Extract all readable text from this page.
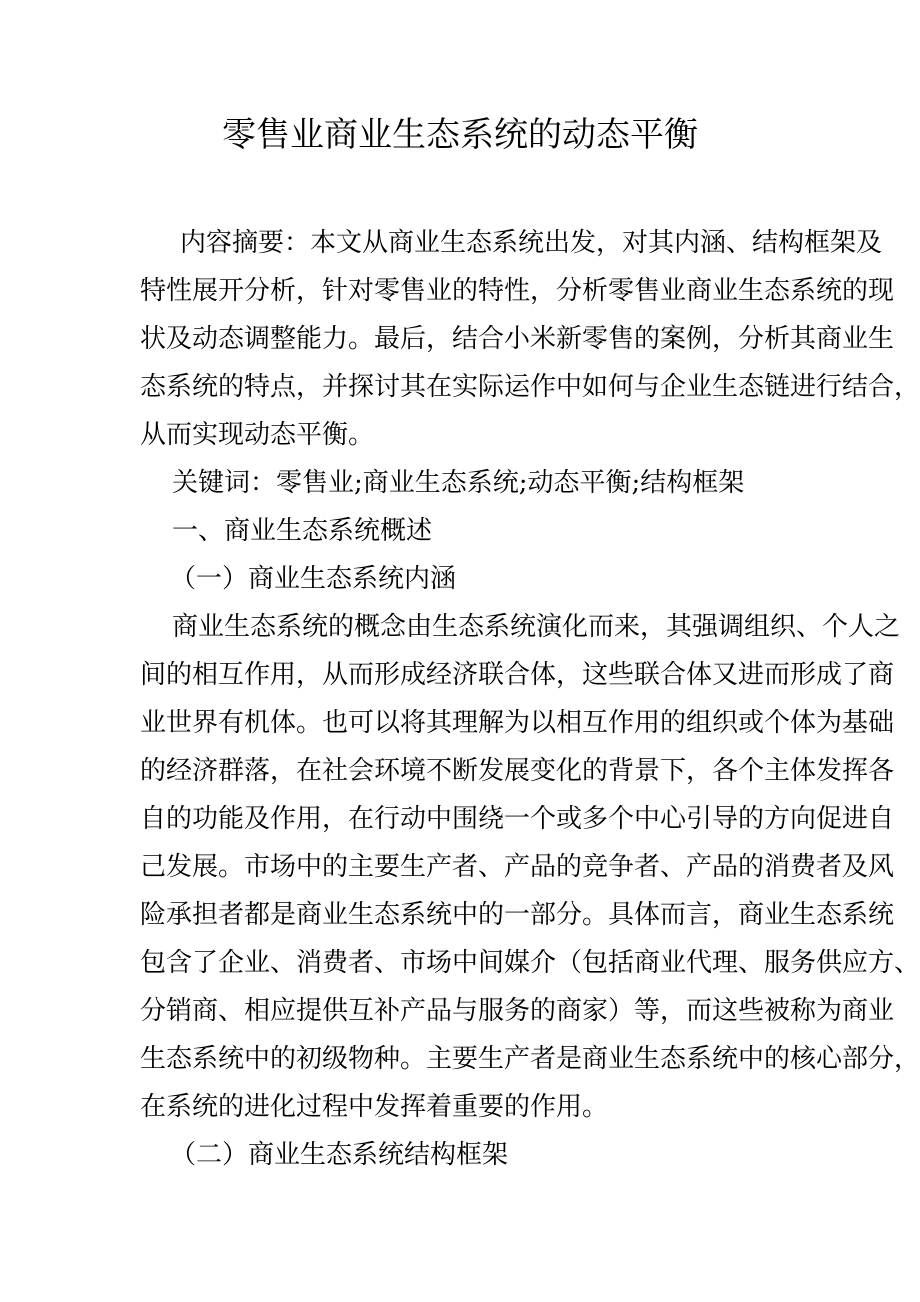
零售业商业生态系统的动态平衡
内容摘要：本文从商业生态系统出发，对其内涵、结构框架及
特性展开分析，针对零售业的特性，分析零售业商业生态系统的现
状及动态调整能力。最后，结合小米新零售的案例，分析其商业生
态系统的特点，并探讨其在实际运作中如何与企业生态链进行结合，
从而实现动态平衡。
关键词：零售业;商业生态系统;动态平衡;结构框架
一、商业生态系统概述
（一）商业生态系统内涵
商业生态系统的概念由生态系统演化而来，其强调组织、个人之
间的相互作用，从而形成经济联合体，这些联合体又进而形成了商
业世界有机体。也可以将其理解为以相互作用的组织或个体为基础
的经济群落，在社会环境不断发展变化的背景下，各个主体发挥各
自的功能及作用，在行动中围绕一个或多个中心引导的方向促进自
己发展。市场中的主要生产者、产品的竞争者、产品的消费者及风
险承担者都是商业生态系统中的一部分。具体而言，商业生态系统
包含了企业、消费者、市场中间媒介（包括商业代理、服务供应方、
分销商、相应提供互补产品与服务的商家）等，而这些被称为商业
生态系统中的初级物种。主要生产者是商业生态系统中的核心部分，
在系统的进化过程中发挥着重要的作用。
（二）商业生态系统结构框架
